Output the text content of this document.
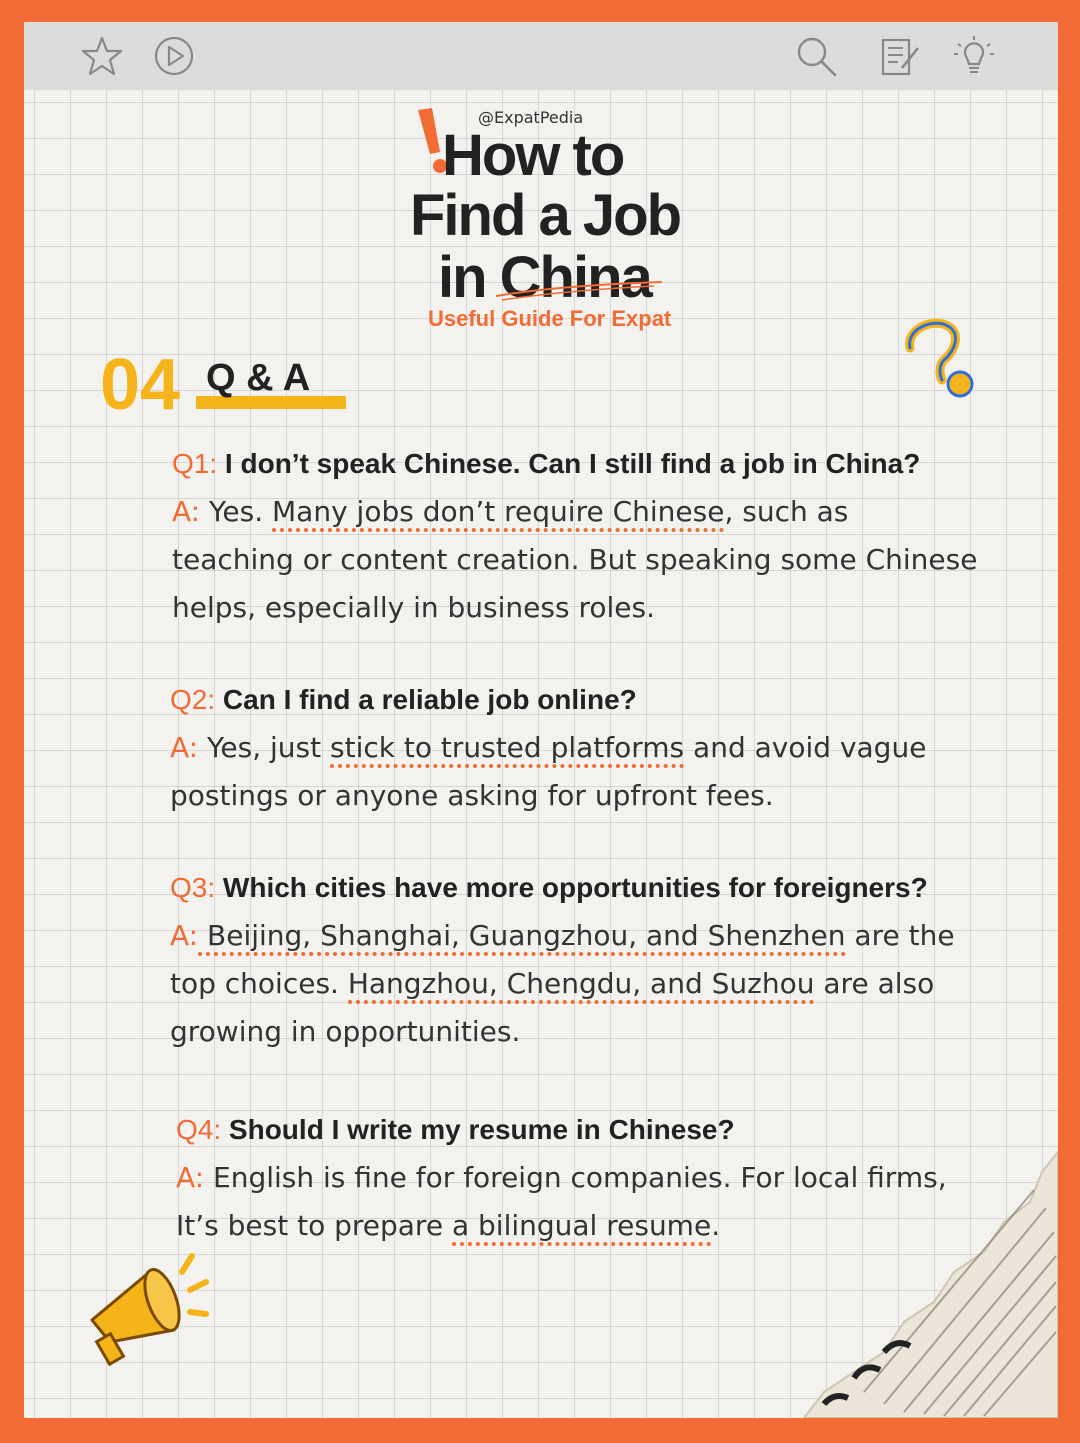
@ExpatPedia
How to
Find a Job
in China
Useful Guide For Expat
04 Q & A
Q1: I don’t speak Chinese. Can I still find a job in China?
A: Yes. Many jobs don’t require Chinese, such as
teaching or content creation. But speaking some Chinese
helps, especially in business roles.
Q2: Can I find a reliable job online?
A: Yes, just stick to trusted platforms and avoid vague
postings or anyone asking for upfront fees.
Q3: Which cities have more opportunities for foreigners?
A: Beijing, Shanghai, Guangzhou, and Shenzhen are the
top choices. Hangzhou, Chengdu, and Suzhou are also
growing in opportunities.
Q4: Should I write my resume in Chinese?
A: English is fine for foreign companies. For local firms,
It’s best to prepare a bilingual resume.
